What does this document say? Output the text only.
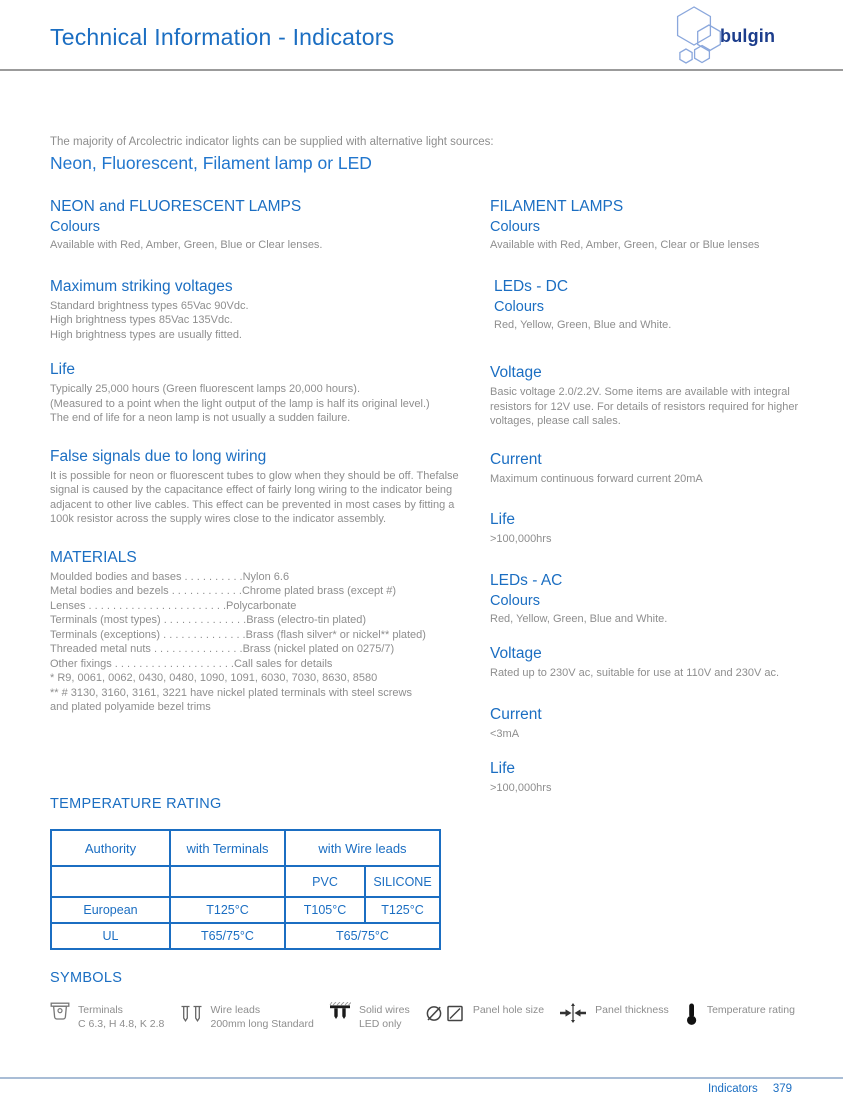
Technical Information - Indicators	bulgin
The majority of Arcolectric indicator lights can be supplied with alternative light sources:
Neon, Fluorescent, Filament lamp or LED
NEON and FLUORESCENT LAMPS
Colours
Available with Red, Amber, Green, Blue or Clear lenses.
Maximum striking voltages
Standard brightness types 65Vac 90Vdc.
High brightness types 85Vac 135Vdc.
High brightness types are usually fitted.
Life
Typically 25,000 hours (Green fluorescent lamps 20,000 hours).
(Measured to a point when the light output of the lamp is half its original level.)
The end of life for a neon lamp is not usually a sudden failure.
False signals due to long wiring
It is possible for neon or fluorescent tubes to glow when they should be off. Thefalse signal is caused by the capacitance effect of fairly long wiring to the indicator being adjacent to other live cables. This effect can be prevented in most cases by fitting a 100k resistor across the supply wires close to the indicator assembly.
MATERIALS
Moulded bodies and bases . . . . . . . . . .Nylon 6.6
Metal bodies and bezels . . . . . . . . . . . .Chrome plated brass (except #)
Lenses . . . . . . . . . . . . . . . . . . . . . . .Polycarbonate
Terminals (most types) . . . . . . . . . . . . . .Brass (electro-tin plated)
Terminals (exceptions) . . . . . . . . . . . . . .Brass (flash silver* or nickel** plated)
Threaded metal nuts . . . . . . . . . . . . . . .Brass (nickel plated on 0275/7)
Other fixings . . . . . . . . . . . . . . . . . . . .Call sales for details
* R9, 0061, 0062, 0430, 0480, 1090, 1091, 6030, 7030, 8630, 8580
** # 3130, 3160, 3161, 3221 have nickel plated terminals with steel screws
and plated polyamide bezel trims
FILAMENT LAMPS
Colours
Available with Red, Amber, Green, Clear or Blue lenses
LEDs - DC
Colours
Red, Yellow, Green, Blue and White.
Voltage
Basic voltage 2.0/2.2V. Some items are available with integral resistors for 12V use. For details of resistors required for higher voltages, please call sales.
Current
Maximum continuous forward current 20mA
Life
>100,000hrs
LEDs - AC
Colours
Red, Yellow, Green, Blue and White.
Voltage
Rated up to 230V ac, suitable for use at 110V and 230V ac.
Current
<3mA
Life
>100,000hrs
TEMPERATURE RATING
Authority	with Terminals	with Wire leads	
		PVC	SILICONE
European	T125°C	T105°C	T125°C
UL	T65/75°C	T65/75°C	
SYMBOLS
Terminals
C 6.3, H 4.8, K 2.8
Wire leads
200mm long Standard
Solid wires
LED only
Panel hole size	Panel thickness	Temperature rating
Indicators 379
